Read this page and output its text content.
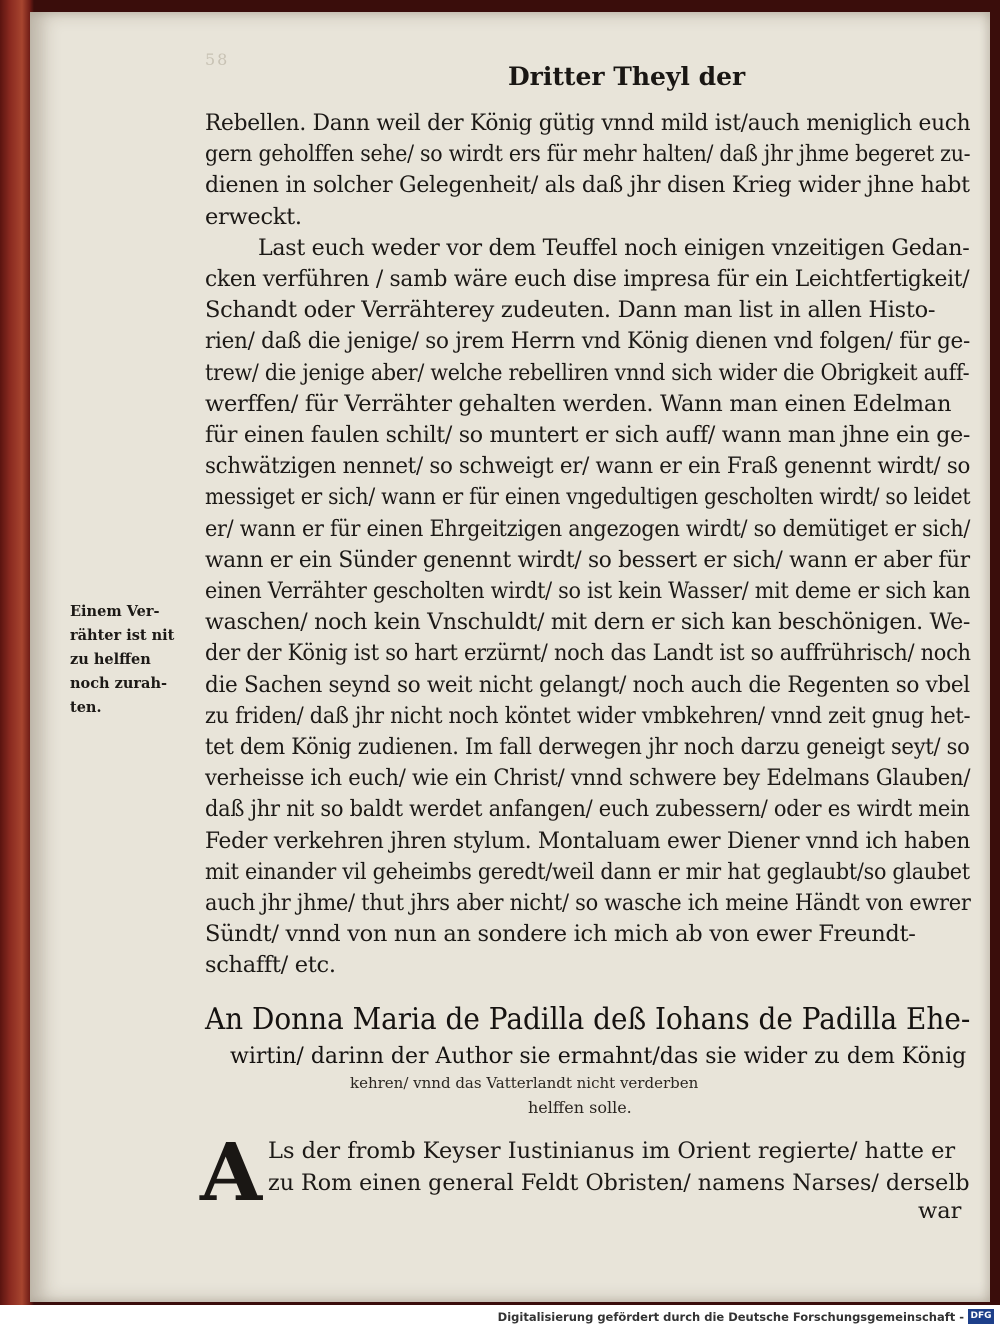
58
Dritter Theyl der
Rebellen. Dann weil der König gütig vnnd mild ist/auch meniglich euch
gern geholffen sehe/ so wirdt ers für mehr halten/ daß jhr jhme begeret zu-
dienen in solcher Gelegenheit/ als daß jhr disen Krieg wider jhne habt
erweckt.
Last euch weder vor dem Teuffel noch einigen vnzeitigen Gedan-
cken verführen / samb wäre euch dise impresa für ein Leichtfertigkeit/
Schandt oder Verrähterey zudeuten. Dann man list in allen Histo-
rien/ daß die jenige/ so jrem Herrn vnd König dienen vnd folgen/ für ge-
trew/ die jenige aber/ welche rebelliren vnnd sich wider die Obrigkeit auff-
werffen/ für Verrähter gehalten werden. Wann man einen Edelman
für einen faulen schilt/ so muntert er sich auff/ wann man jhne ein ge-
schwätzigen nennet/ so schweigt er/ wann er ein Fraß genennt wirdt/ so
messiget er sich/ wann er für einen vngedultigen gescholten wirdt/ so leidet
er/ wann er für einen Ehrgeitzigen angezogen wirdt/ so demütiget er sich/
wann er ein Sünder genennt wirdt/ so bessert er sich/ wann er aber für
einen Verrähter gescholten wirdt/ so ist kein Wasser/ mit deme er sich kan
waschen/ noch kein Vnschuldt/ mit dern er sich kan beschönigen. We-
der der König ist so hart erzürnt/ noch das Landt ist so auffrührisch/ noch
die Sachen seynd so weit nicht gelangt/ noch auch die Regenten so vbel
zu friden/ daß jhr nicht noch köntet wider vmbkehren/ vnnd zeit gnug het-
tet dem König zudienen. Im fall derwegen jhr noch darzu geneigt seyt/ so
verheisse ich euch/ wie ein Christ/ vnnd schwere bey Edelmans Glauben/
daß jhr nit so baldt werdet anfangen/ euch zubessern/ oder es wirdt mein
Feder verkehren jhren stylum. Montaluam ewer Diener vnnd ich haben
mit einander vil geheimbs geredt/weil dann er mir hat geglaubt/so glaubet
auch jhr jhme/ thut jhrs aber nicht/ so wasche ich meine Händt von ewrer
Sündt/ vnnd von nun an sondere ich mich ab von ewer Freundt-
schafft/ etc.
Einem Ver-
rähter ist nit
zu helffen
noch zurah-
ten.
An Donna Maria de Padilla deß Iohans de Padilla Ehe-
wirtin/ darinn der Author sie ermahnt/das sie wider zu dem König
kehren/ vnnd das Vatterlandt nicht verderben
helffen solle.
A Ls der fromb Keyser Iustinianus im Orient regierte/ hatte er
zu Rom einen general Feldt Obristen/ namens Narses/ derselb
war
Digitalisierung gefördert durch die Deutsche Forschungsgemeinschaft - DFG
